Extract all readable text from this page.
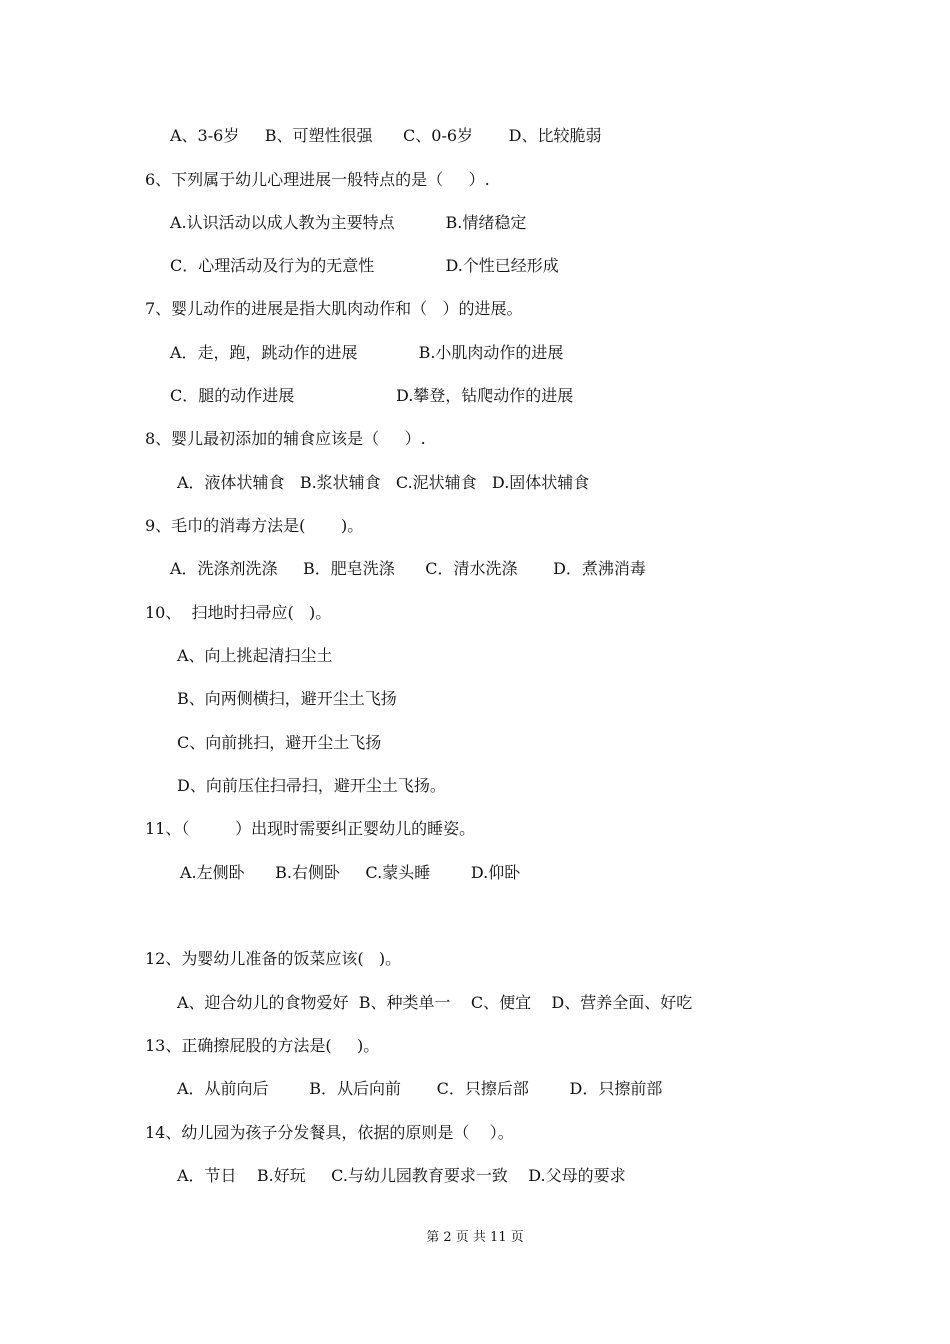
A、3-6岁     B、可塑性很强      C、0-6岁       D、比较脆弱
6、下列属于幼儿心理进展一般特点的是（     ）.
A.认识活动以成人教为主要特点          B.情绪稳定
C．心理活动及行为的无意性              D.个性已经形成
7、婴儿动作的进展是指大肌肉动作和（   ）的进展。
A．走，跑，跳动作的进展            B.小肌肉动作的进展
C．腿的动作进展                    D.攀登，钻爬动作的进展
8、婴儿最初添加的辅食应该是（     ）.
A．液体状辅食   B.浆状辅食   C.泥状辅食   D.固体状辅食
9、毛巾的消毒方法是(       )。
A．洗涤剂洗涤     B．肥皂洗涤      C．清水洗涤       D．煮沸消毒
10、  扫地时扫帚应(   )。
A、向上挑起清扫尘土
B、向两侧横扫，避开尘土飞扬
C、向前挑扫，避开尘土飞扬
D、向前压住扫帚扫，避开尘土飞扬。
11、（         ）出现时需要纠正婴幼儿的睡姿。
A.左侧卧      B.右侧卧     C.蒙头睡        D.仰卧
12、为婴幼儿准备的饭菜应该(   )。
A、迎合幼儿的食物爱好  B、种类单一    C、便宜    D、营养全面、好吃
13、正确擦屁股的方法是(     )。
A．从前向后        B．从后向前       C．只擦后部        D．只擦前部
14、幼儿园为孩子分发餐具，依据的原则是（    ）。
A．节日    B.好玩     C.与幼儿园教育要求一致    D.父母的要求
第 2 页 共 11 页
